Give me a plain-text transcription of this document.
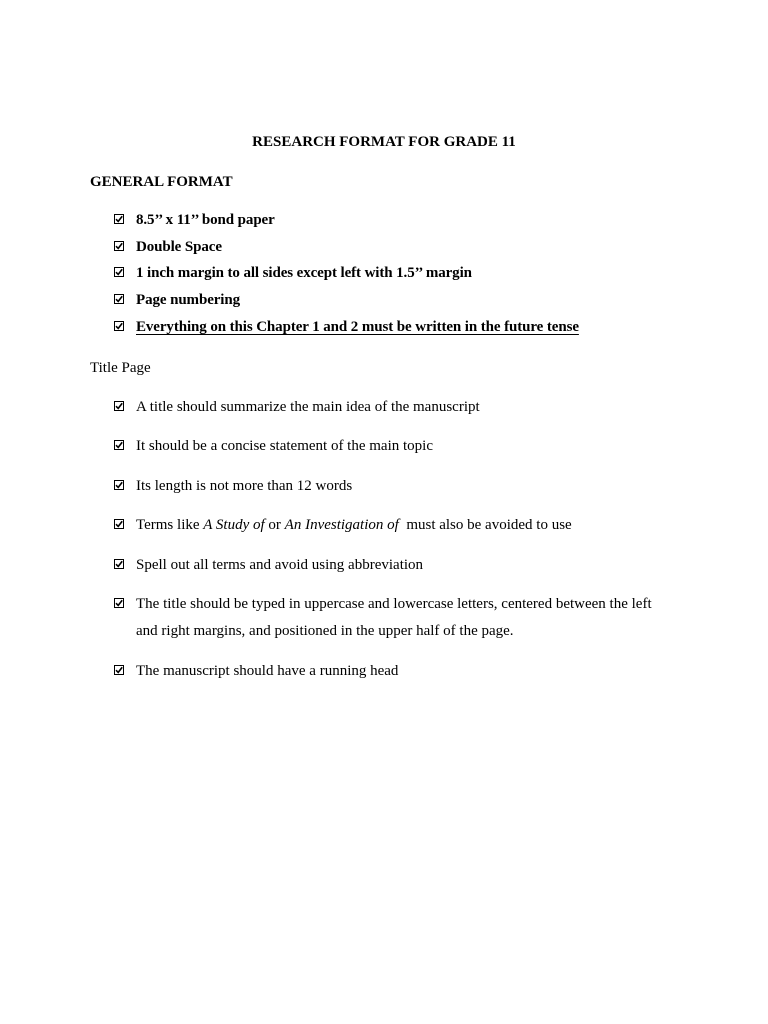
RESEARCH FORMAT FOR GRADE 11
GENERAL FORMAT
8.5’’ x 11’’ bond paper
Double Space
1 inch margin to all sides except left with 1.5’’ margin
Page numbering
Everything on this Chapter 1 and 2 must be written in the future tense
Title Page
A title should summarize the main idea of the manuscript
It should be a concise statement of the main topic
Its length is not more than 12 words
Terms like A Study of or An Investigation of  must also be avoided to use
Spell out all terms and avoid using abbreviation
The title should be typed in uppercase and lowercase letters, centered between the left and right margins, and positioned in the upper half of the page.
The manuscript should have a running head
